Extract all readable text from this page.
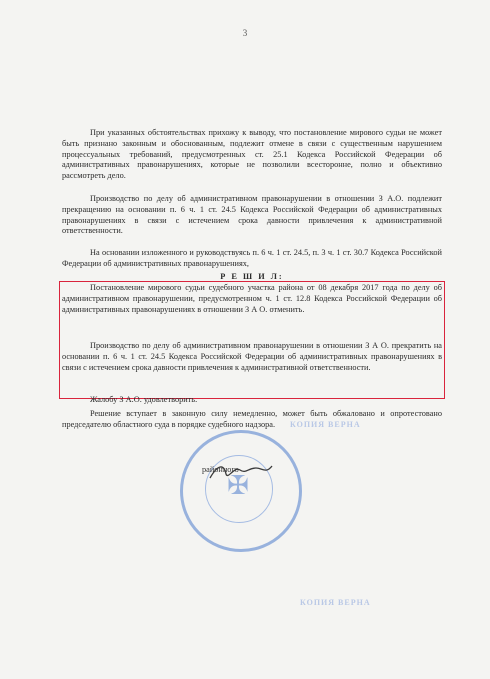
3

При указанных обстоятельствах прихожу к выводу, что постановление мирового судьи не может быть признано законным и обоснованным, подлежит отмене в связи с существенным нарушением процессуальных требований, предусмотренных ст. 25.1 Кодекса Российской Федерации об административных правонарушениях, которые не позволили всесторонне, полно и объективно рассмотреть дело.

Производство по делу об административном правонарушении в отношении З А.О. подлежит прекращению на основании п. 6 ч. 1 ст. 24.5 Кодекса Российской Федерации об административных правонарушениях в связи с истечением срока давности привлечения к административной ответственности.

На основании изложенного и руководствуясь п. 6 ч. 1 ст. 24.5, п. 3 ч. 1 ст. 30.7 Кодекса Российской Федерации об административных правонарушениях,

Р Е Ш И Л:

Постановление мирового судьи судебного участка района от 08 декабря 2017 года по делу об административном правонарушении, предусмотренном ч. 1 ст. 12.8 Кодекса Российской Федерации об административных правонарушениях в отношении З А О. отменить.

Производство по делу об административном правонарушении в отношении З А О. прекратить на основании п. 6 ч. 1 ст. 24.5 Кодекса Российской Федерации об административных правонарушениях в связи с истечением срока давности привлечения к административной ответственности.

Жалобу З А.О. удовлетворить.

Решение вступает в законную силу немедленно, может быть обжаловано и опротестовано председателю областного суда в порядке судебного надзора.	КОПИЯ ВЕРНА
КОПИЯ ВЕРНА
✠
районного
